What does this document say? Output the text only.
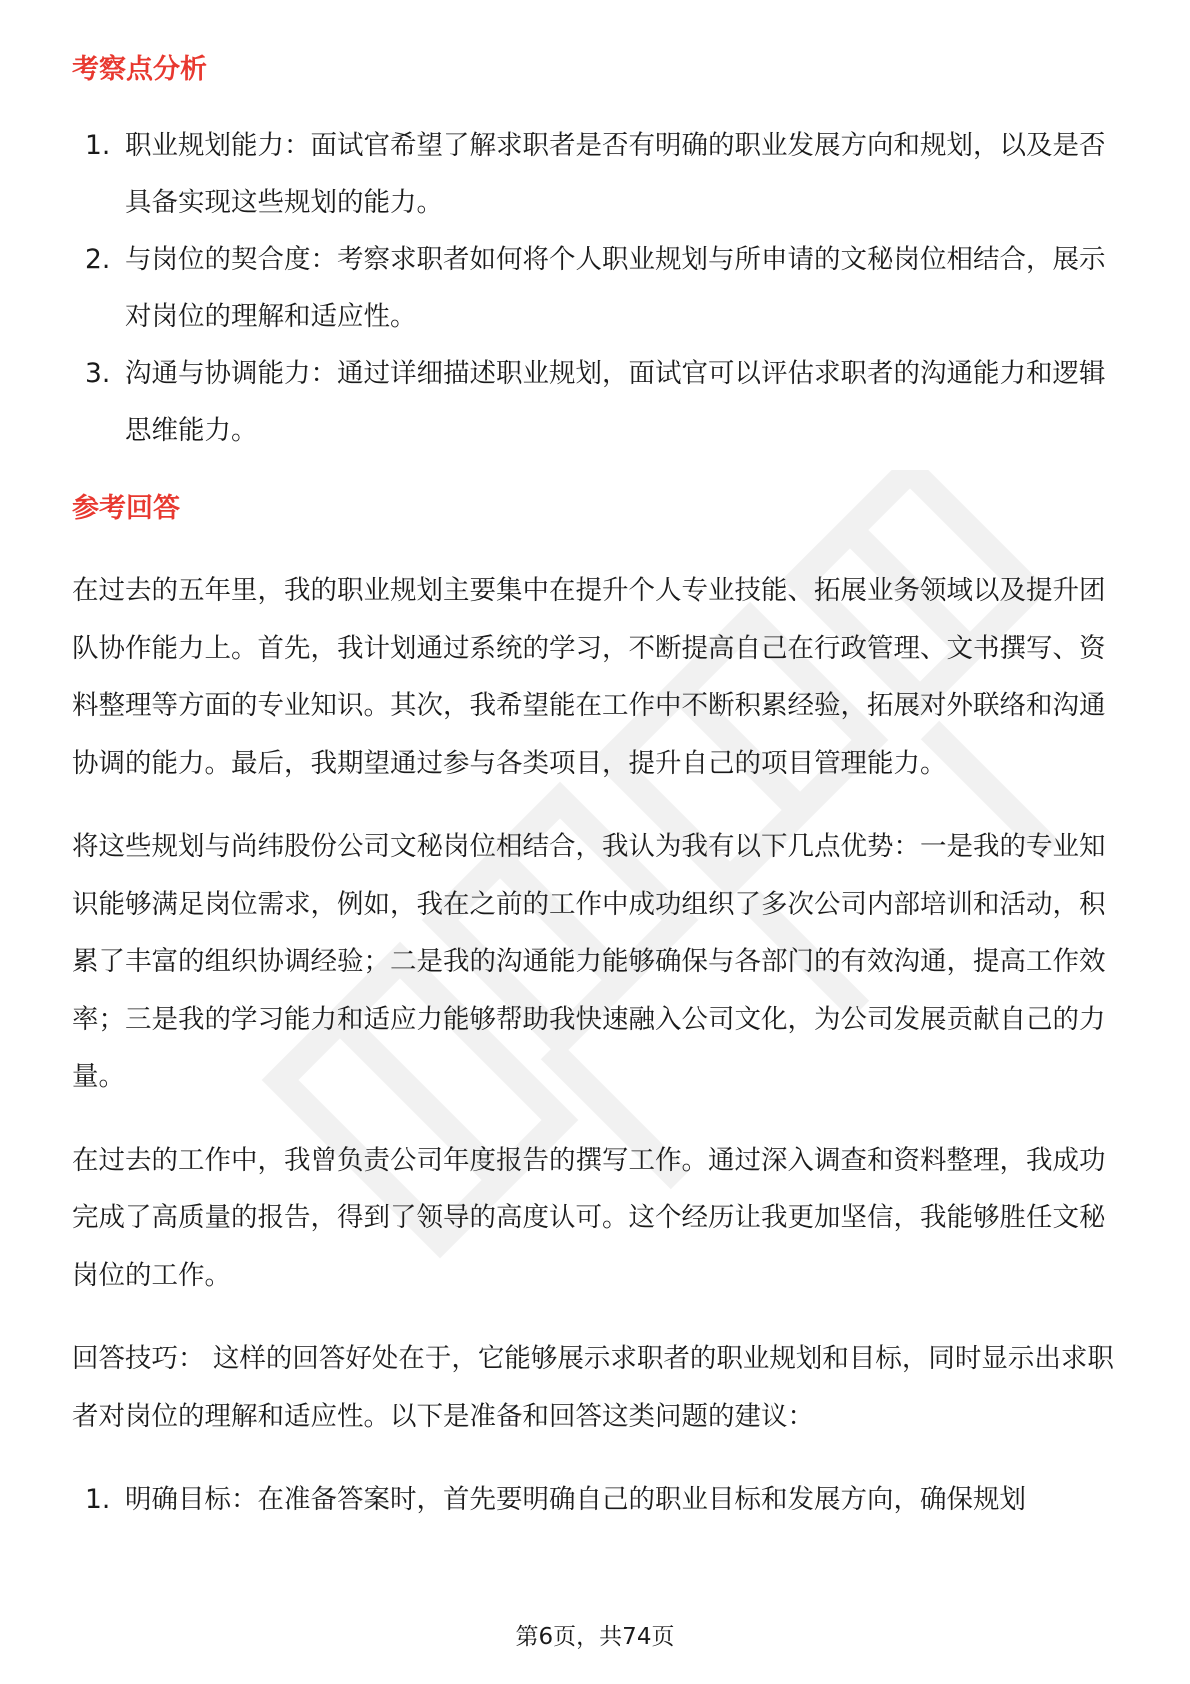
考察点分析
1. 职业规划能力：面试官希望了解求职者是否有明确的职业发展方向和规划，以及是否具备实现这些规划的能力。
2. 与岗位的契合度：考察求职者如何将个人职业规划与所申请的文秘岗位相结合，展示对岗位的理解和适应性。
3. 沟通与协调能力：通过详细描述职业规划，面试官可以评估求职者的沟通能力和逻辑思维能力。
参考回答

在过去的五年里，我的职业规划主要集中在提升个人专业技能、拓展业务领域以及提升团队协作能力上。首先，我计划通过系统的学习，不断提高自己在行政管理、文书撰写、资料整理等方面的专业知识。其次，我希望能在工作中不断积累经验，拓展对外联络和沟通协调的能力。最后，我期望通过参与各类项目，提升自己的项目管理能力。

将这些规划与尚纬股份公司文秘岗位相结合，我认为我有以下几点优势：一是我的专业知识能够满足岗位需求，例如，我在之前的工作中成功组织了多次公司内部培训和活动，积累了丰富的组织协调经验；二是我的沟通能力能够确保与各部门的有效沟通，提高工作效率；三是我的学习能力和适应力能够帮助我快速融入公司文化，为公司发展贡献自己的力量。

在过去的工作中，我曾负责公司年度报告的撰写工作。通过深入调查和资料整理，我成功完成了高质量的报告，得到了领导的高度认可。这个经历让我更加坚信，我能够胜任文秘岗位的工作。

回答技巧： 这样的回答好处在于，它能够展示求职者的职业规划和目标，同时显示出求职者对岗位的理解和适应性。以下是准备和回答这类问题的建议：

1. 明确目标：在准备答案时，首先要明确自己的职业目标和发展方向，确保规划
第6页，共74页
